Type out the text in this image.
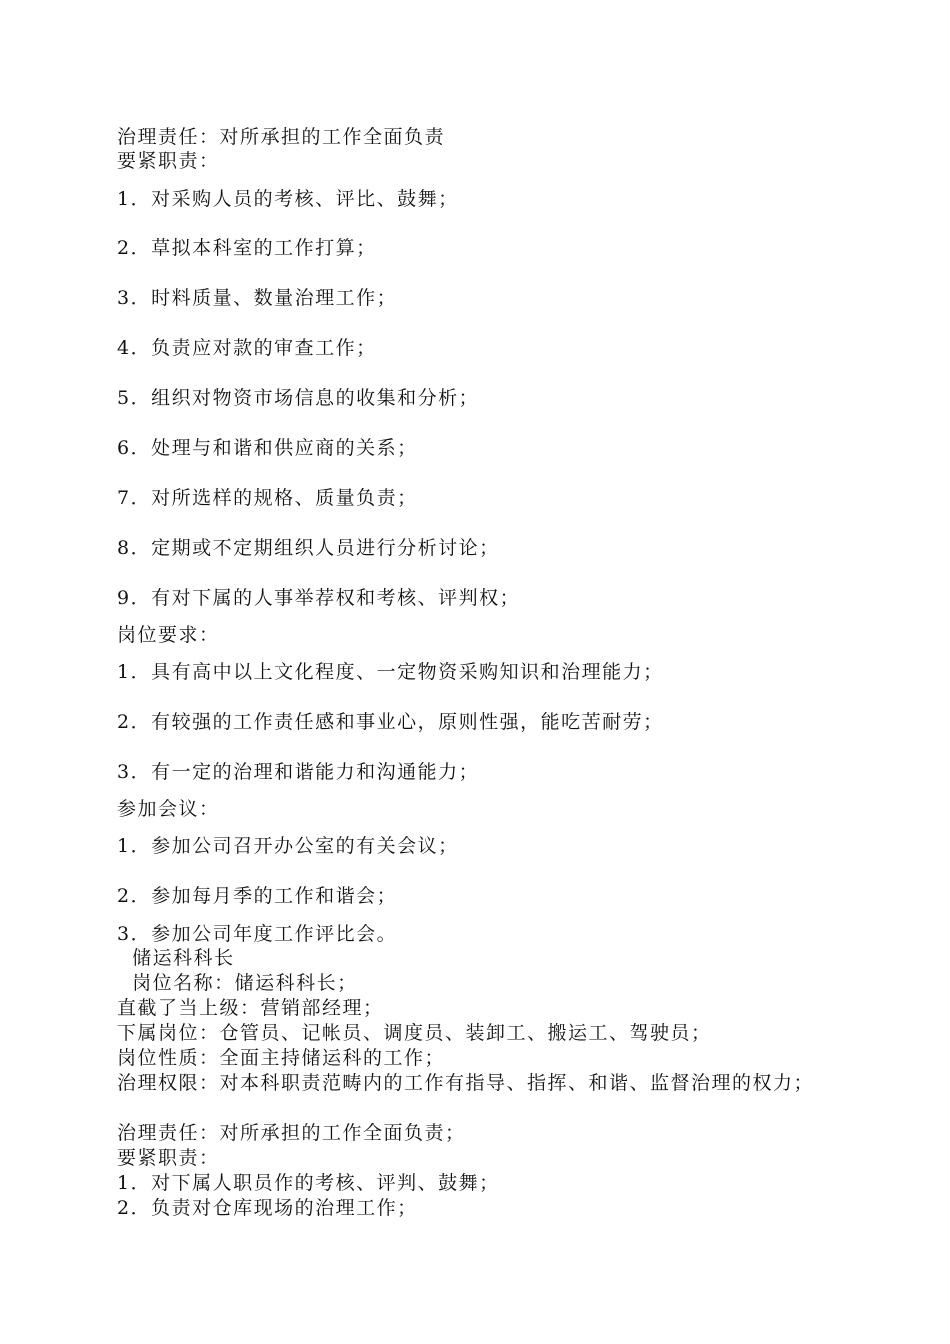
治理责任：对所承担的工作全面负责
要紧职责：
1．对采购人员的考核、评比、鼓舞；
2．草拟本科室的工作打算；
3．时料质量、数量治理工作；
4．负责应对款的审查工作；
5．组织对物资市场信息的收集和分析；
6．处理与和谐和供应商的关系；
7．对所选样的规格、质量负责；
8．定期或不定期组织人员进行分析讨论；
9．有对下属的人事举荐权和考核、评判权；
岗位要求：
1．具有高中以上文化程度、一定物资采购知识和治理能力；
2．有较强的工作责任感和事业心，原则性强，能吃苦耐劳；
3．有一定的治理和谐能力和沟通能力；
参加会议：
1．参加公司召开办公室的有关会议；
2．参加每月季的工作和谐会；
3．参加公司年度工作评比会。
储运科科长
岗位名称：储运科科长；
直截了当上级：营销部经理；
下属岗位：仓管员、记帐员、调度员、装卸工、搬运工、驾驶员；
岗位性质：全面主持储运科的工作；
治理权限：对本科职责范畴内的工作有指导、指挥、和谐、监督治理的权力；
治理责任：对所承担的工作全面负责；
要紧职责：
1．对下属人职员作的考核、评判、鼓舞；
2．负责对仓库现场的治理工作；
